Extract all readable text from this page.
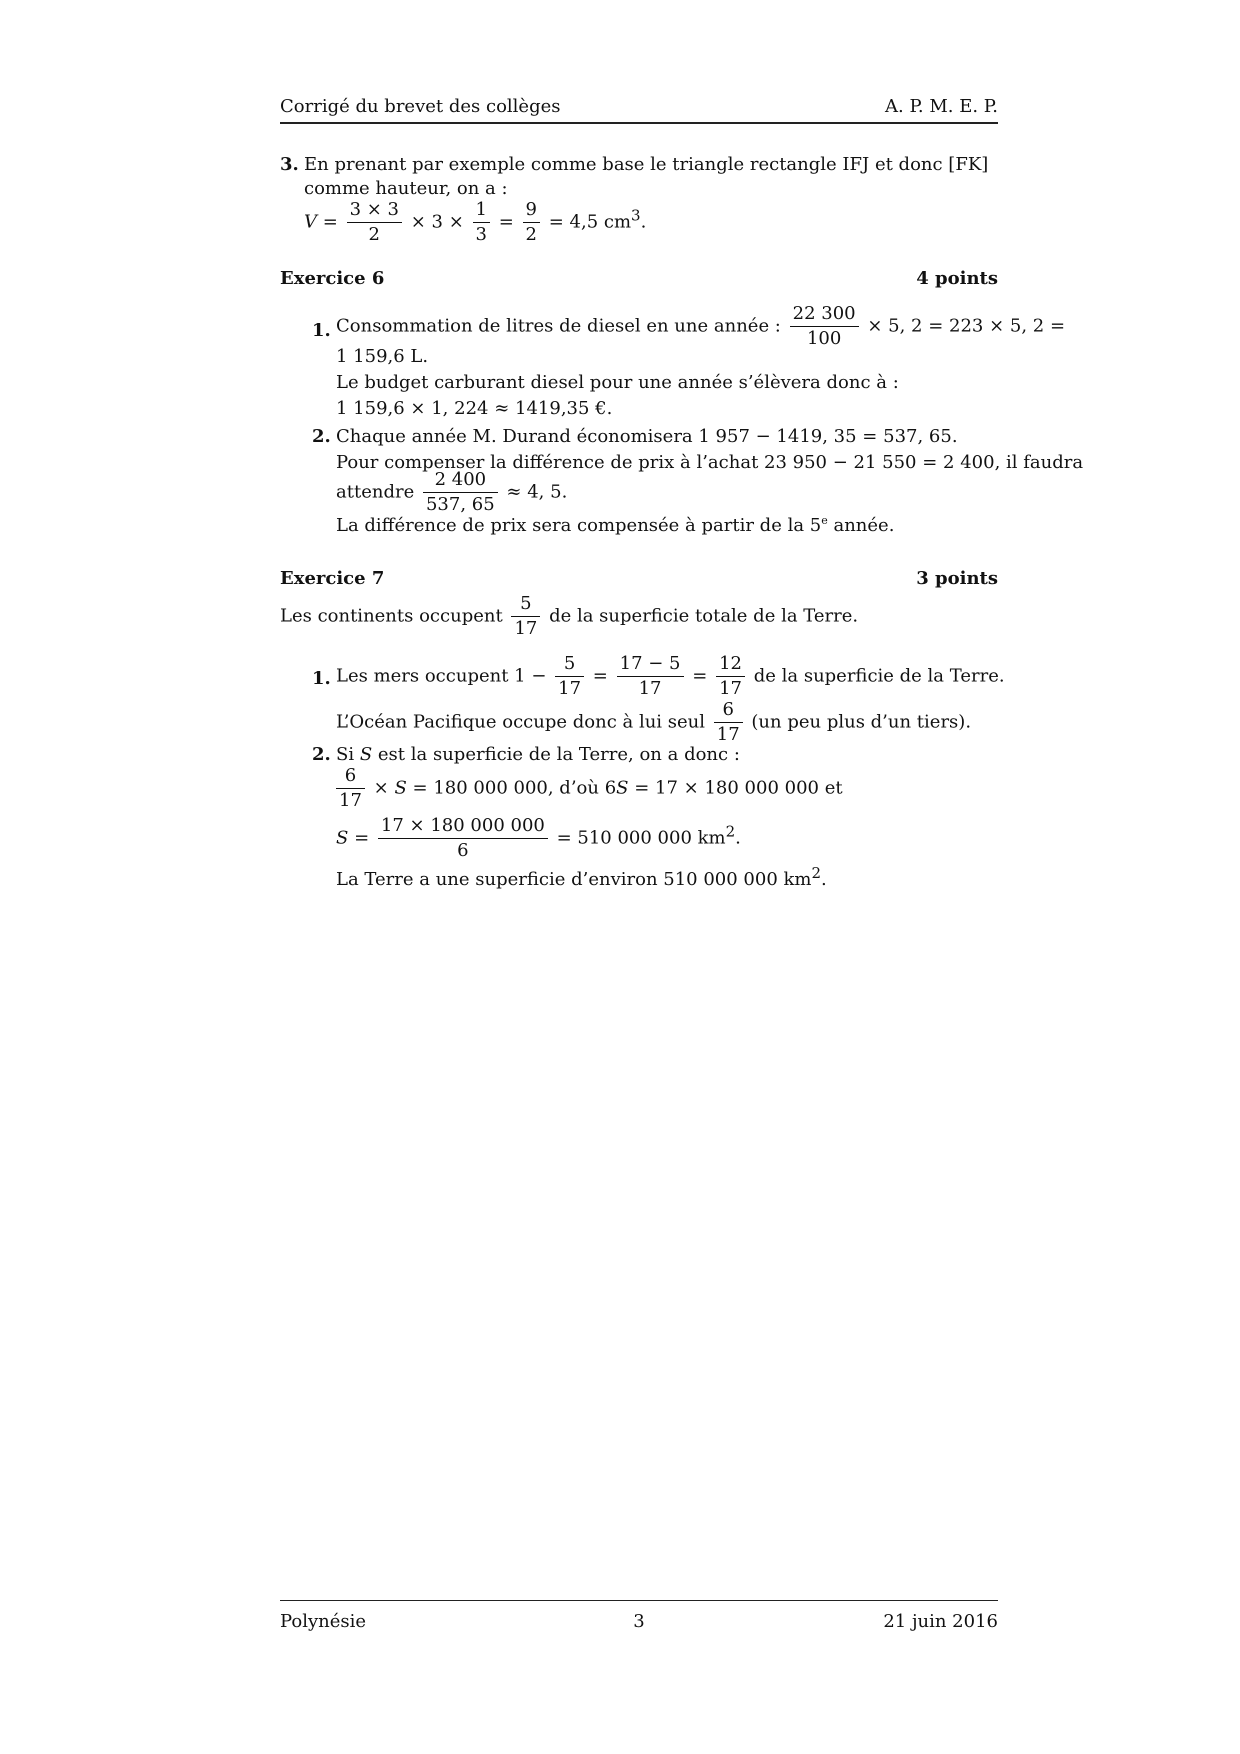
Corrigé du brevet des collèges	A. P. M. E. P.
3. En prenant par exemple comme base le triangle rectangle IFJ et donc [FK]
comme hauteur, on a :
$V = \frac{3 \times 3}{2} \times 3 \times \frac{1}{3} = \frac{9}{2} = 4,5$ $cm^3$.
Exercice 6	4 points
1. Consommation de litres de diesel en une année : $\frac{22 300}{100} \times 5$, 2 = 223 × 5, 2 =
1 159,6 L.
Le budget carburant diesel pour une année s’élèvera donc à :
1 159,6 × 1, 224 ≈ 1419,35 €.
2. Chaque année M. Durand économisera 1 957 − 1419, 35 = 537, 65.
Pour compenser la différence de prix à l’achat 23 950 − 21 550 = 2 400, il faudra
attendre $\frac{2 400}{537, 65} \approx 4$, 5.
La différence de prix sera compensée à partir de la 5e année.
Exercice 7	3 points
Les continents occupent $\frac{5}{17}$ de la superficie totale de la Terre.
1. Les mers occupent $1 - \frac{5}{17} = \frac{17 - 5}{17} = \frac{12}{17}$ de la superficie de la Terre.
L’Océan Pacifique occupe donc à lui seul $\frac{6}{17} (un$ peu plus d’un tiers).
2. Si S est la superficie de la Terre, on a donc :
$\frac{6}{17} \times S = 180$ 000 000, d’où 6S = 17 × 180 000 000 et
$S = \frac{17 \times 180 000 000}{6} = 510$ 000 000 $km^2$.
La Terre a une superficie d’environ 510 000 000 $km^2$.
Polynésie	3	21 juin 2016
